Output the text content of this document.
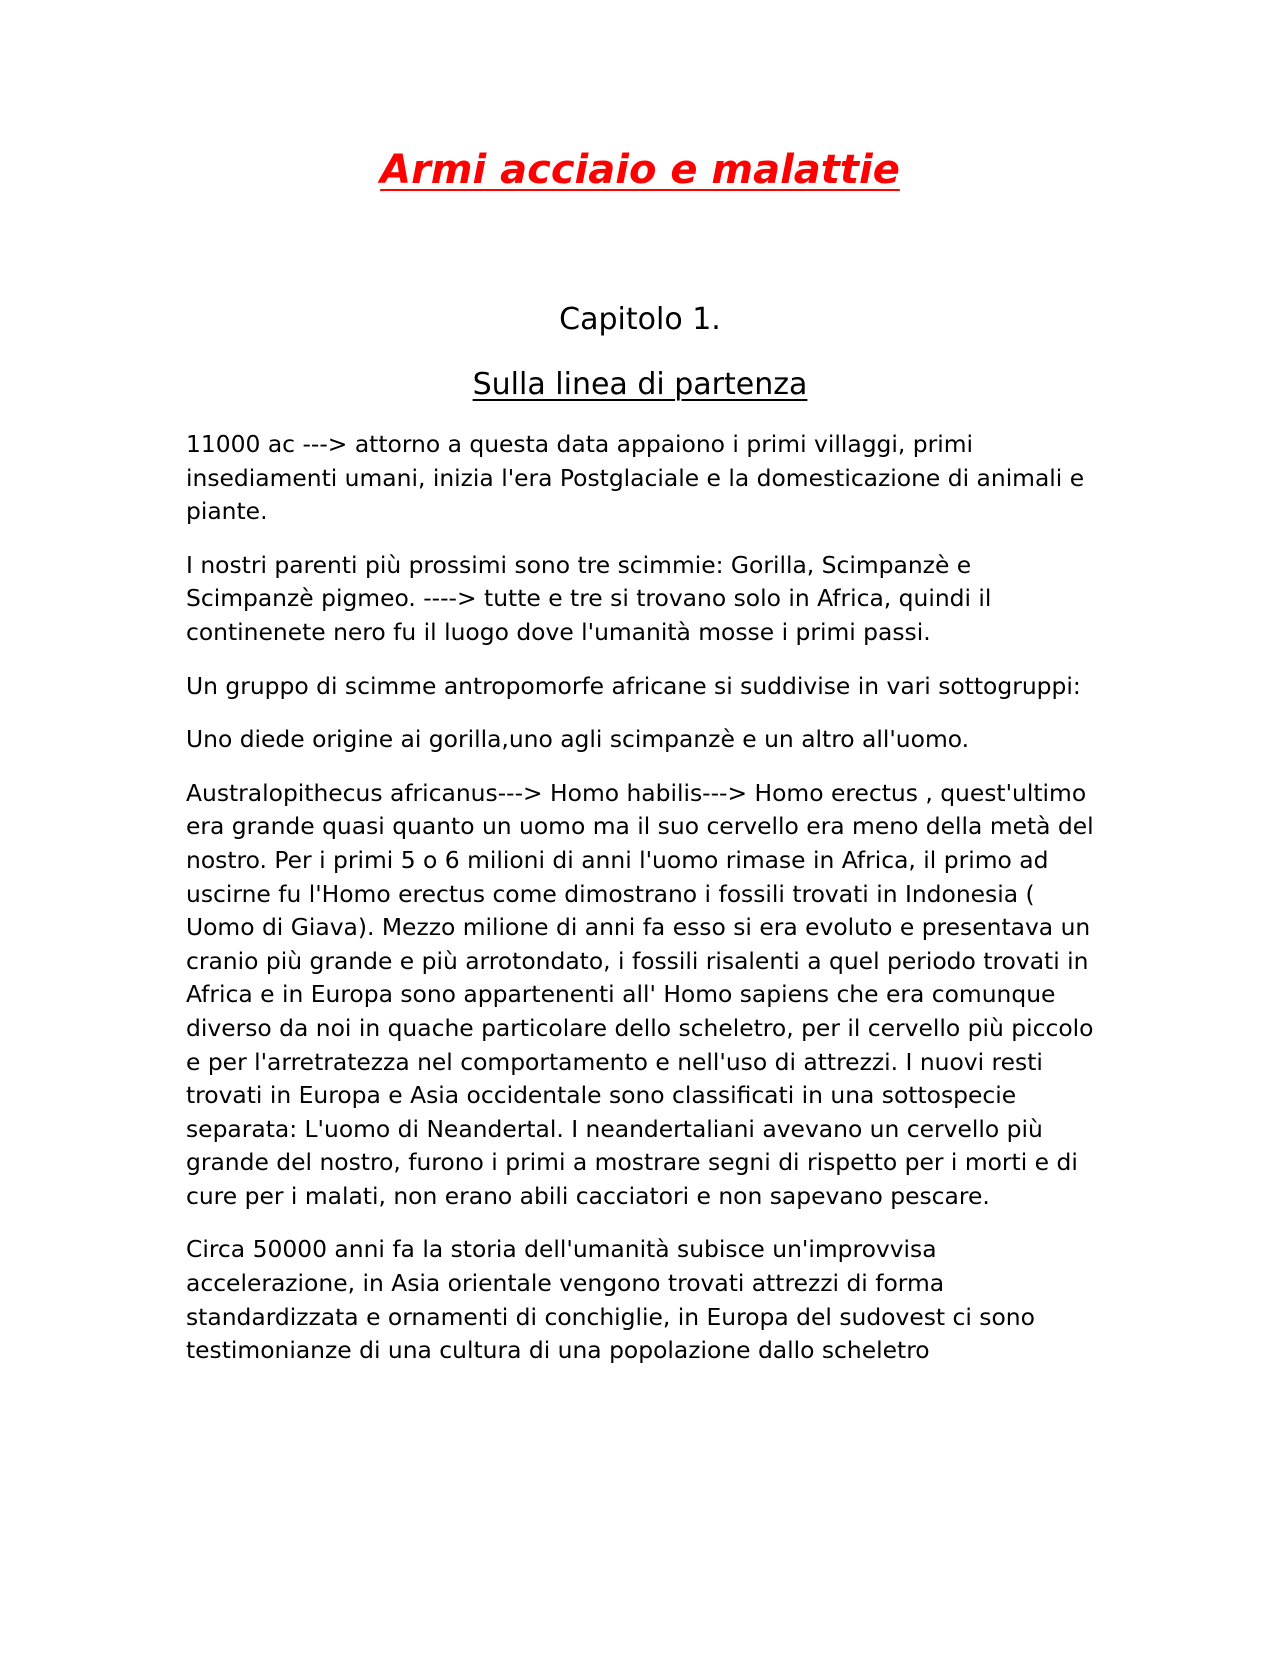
Armi acciaio e malattie
Capitolo 1.
Sulla linea di partenza

11000 ac ---> attorno a questa data appaiono i primi villaggi, primi insediamenti umani, inizia l'era Postglaciale e la domesticazione di animali e piante.

I nostri parenti più prossimi sono tre scimmie: Gorilla, Scimpanzè e Scimpanzè pigmeo. ----> tutte e tre si trovano solo in Africa, quindi il continenete nero fu il luogo dove l'umanità mosse i primi passi.

Un gruppo di scimme antropomorfe africane si suddivise in vari sottogruppi:

Uno diede origine ai gorilla,uno agli scimpanzè e un altro all'uomo.

Australopithecus africanus---> Homo habilis---> Homo erectus , quest'ultimo era grande quasi quanto un uomo ma il suo cervello era meno della metà del nostro. Per i primi 5 o 6 milioni di anni l'uomo rimase in Africa, il primo ad uscirne fu l'Homo erectus come dimostrano i fossili trovati in Indonesia ( Uomo di Giava). Mezzo milione di anni fa esso si era evoluto e presentava un cranio più grande e più arrotondato, i fossili risalenti a quel periodo trovati in Africa e in Europa sono appartenenti all' Homo sapiens che era comunque diverso da noi in quache particolare dello scheletro, per il cervello più piccolo e per l'arretratezza nel comportamento e nell'uso di attrezzi. I nuovi resti trovati in Europa e Asia occidentale sono classificati in una sottospecie separata: L'uomo di Neandertal. I neandertaliani avevano un cervello più grande del nostro, furono i primi a mostrare segni di rispetto per i morti e di cure per i malati, non erano abili cacciatori e non sapevano pescare.

Circa 50000 anni fa la storia dell'umanità subisce un'improvvisa accelerazione, in Asia orientale vengono trovati attrezzi di forma standardizzata e ornamenti di conchiglie, in Europa del sudovest ci sono testimonianze di una cultura di una popolazione dallo scheletro
